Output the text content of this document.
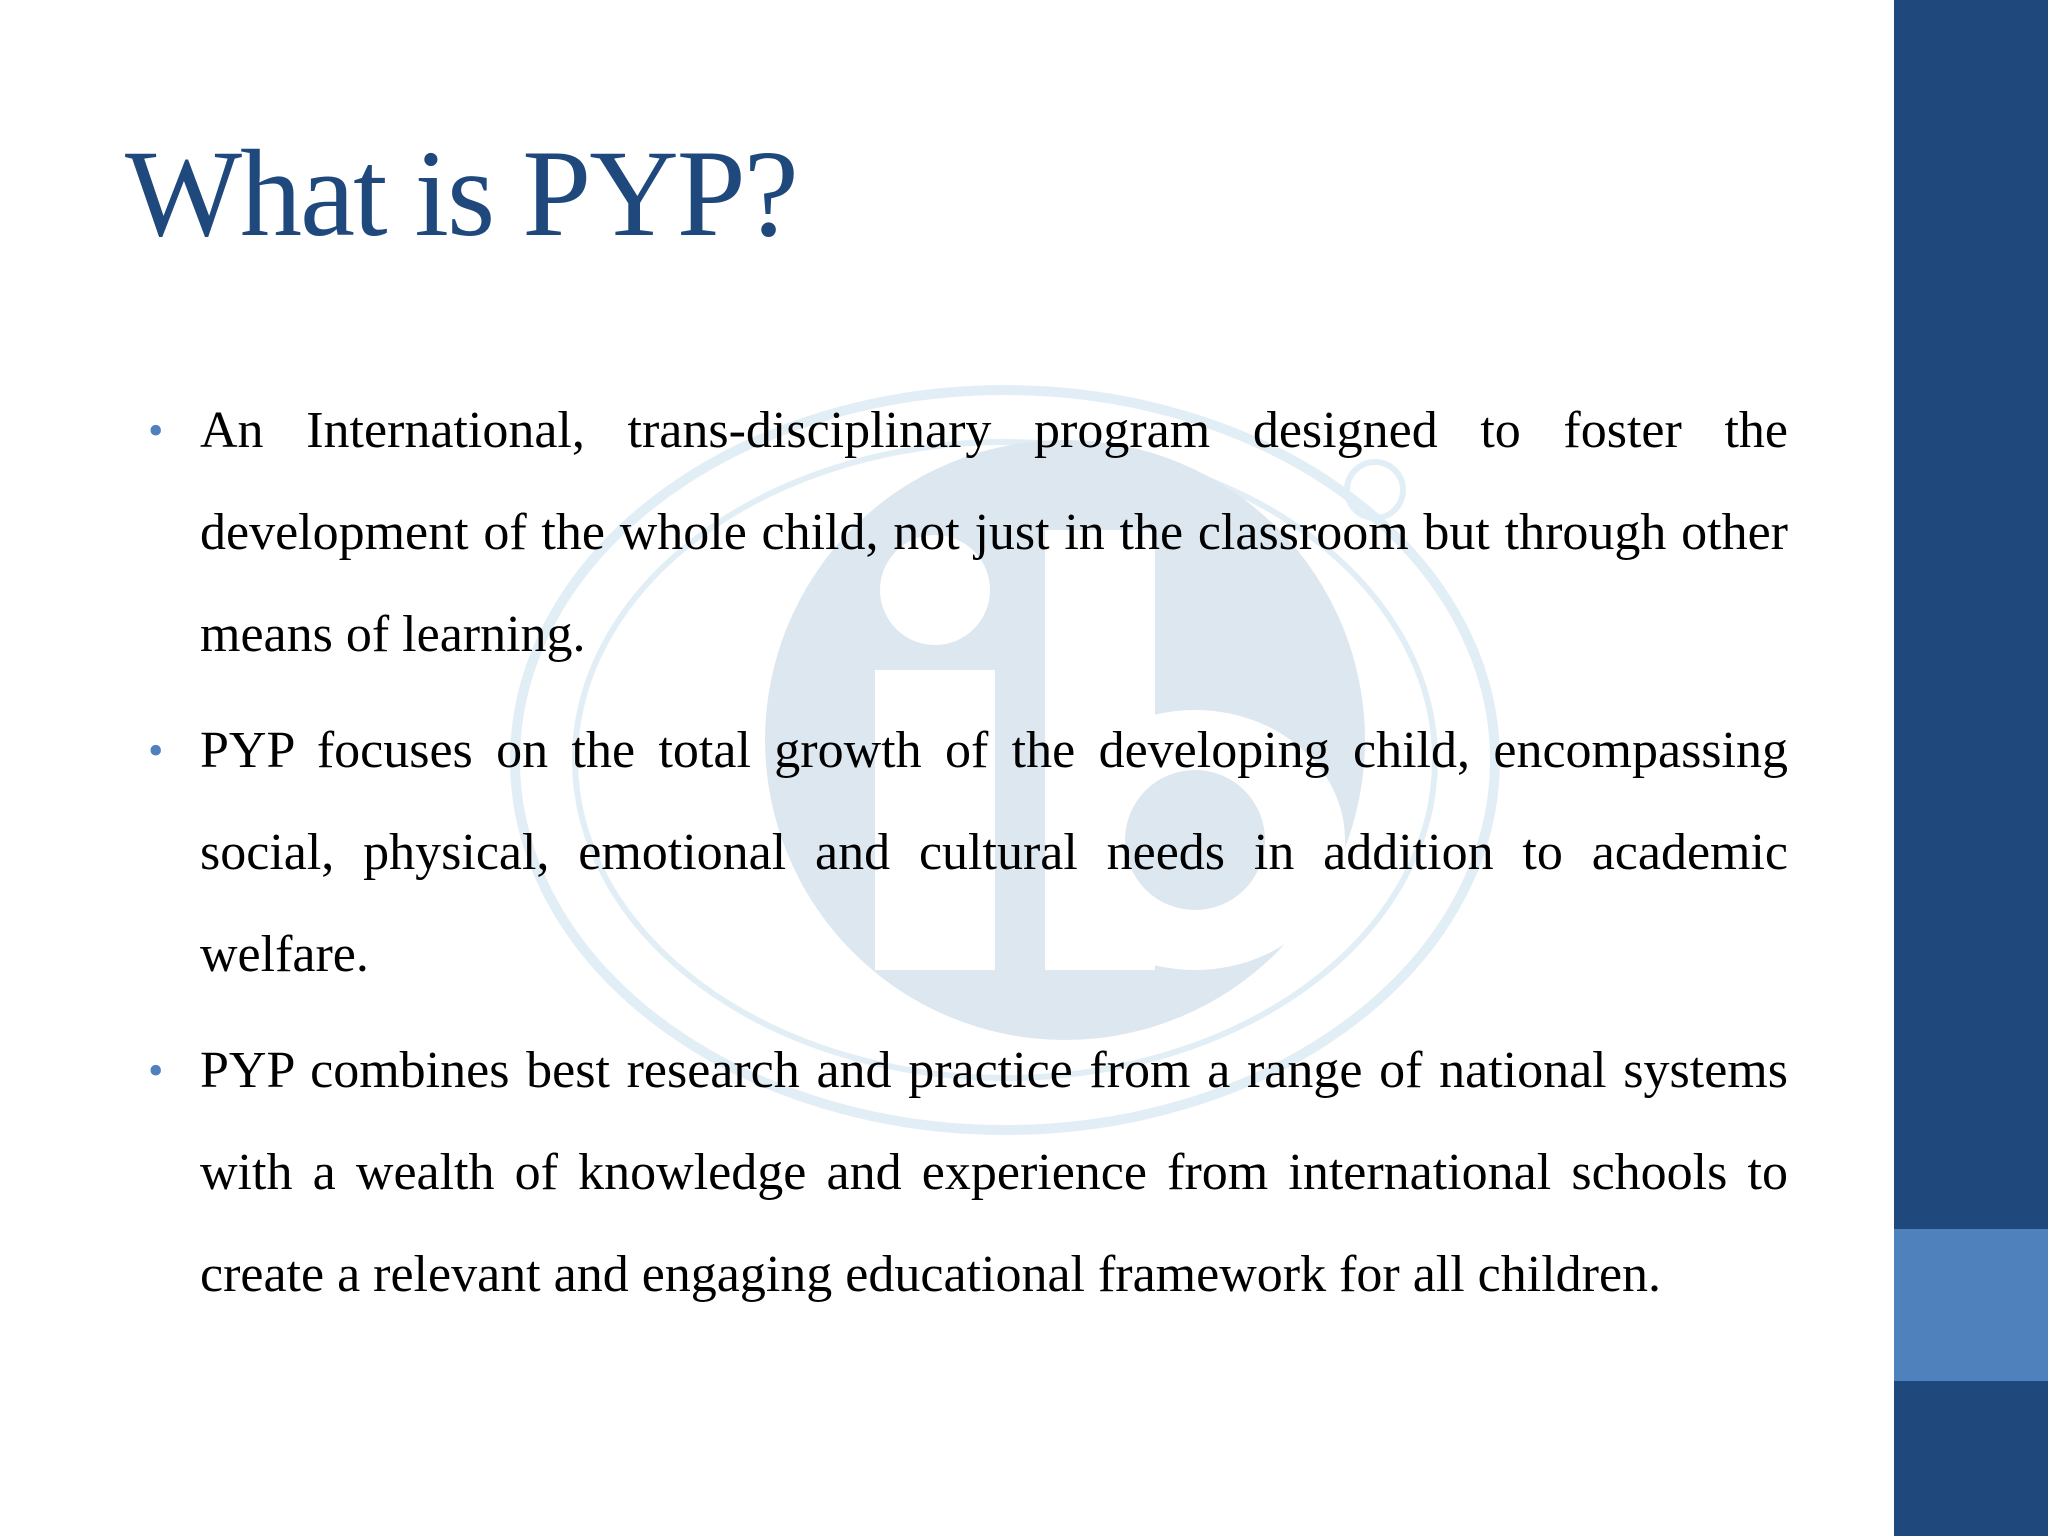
What is PYP?
• An International, trans-disciplinary program designed to foster the development of the whole child, not just in the classroom but through other means of learning.
• PYP focuses on the total growth of the developing child, encompassing social, physical, emotional and cultural needs in addition to academic welfare.
• PYP combines best research and practice from a range of national systems with a wealth of knowledge and experience from international schools to create a relevant and engaging educational framework for all children.
